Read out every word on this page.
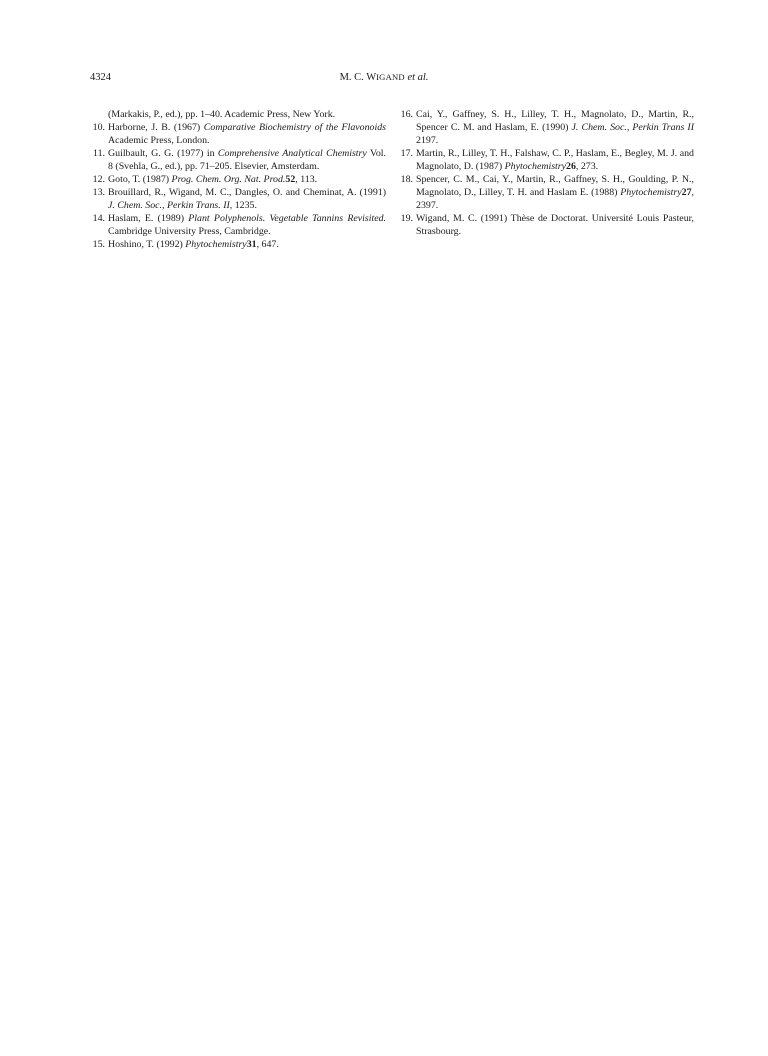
4324	M. C. WIGAND et al.

(Markakis, P., ed.), pp. 1–40. Academic Press, New York.

10. Harborne, J. B. (1967) Comparative Biochemistry of the Flavonoids Academic Press, London.

11. Guilbault, G. G. (1977) in Comprehensive Analytical Chemistry Vol. 8 (Svehla, G., ed.), pp. 71–205. Elsevier, Amsterdam.

12. Goto, T. (1987) Prog. Chem. Org. Nat. Prod.52, 113.

13. Brouillard, R., Wigand, M. C., Dangles, O. and Cheminat, A. (1991) J. Chem. Soc., Perkin Trans. II, 1235.

14. Haslam, E. (1989) Plant Polyphenols. Vegetable Tannins Revisited. Cambridge University Press, Cambridge.

15. Hoshino, T. (1992) Phytochemistry31, 647.

16. Cai, Y., Gaffney, S. H., Lilley, T. H., Magnolato, D., Martin, R., Spencer C. M. and Haslam, E. (1990) J. Chem. Soc., Perkin Trans II 2197.

17. Martin, R., Lilley, T. H., Falshaw, C. P., Haslam, E., Begley, M. J. and Magnolato, D. (1987) Phytochemistry26, 273.

18. Spencer, C. M., Cai, Y., Martin, R., Gaffney, S. H., Goulding, P. N., Magnolato, D., Lilley, T. H. and Haslam E. (1988) Phytochemistry27, 2397.

19. Wigand, M. C. (1991) Thèse de Doctorat. Université Louis Pasteur, Strasbourg.
